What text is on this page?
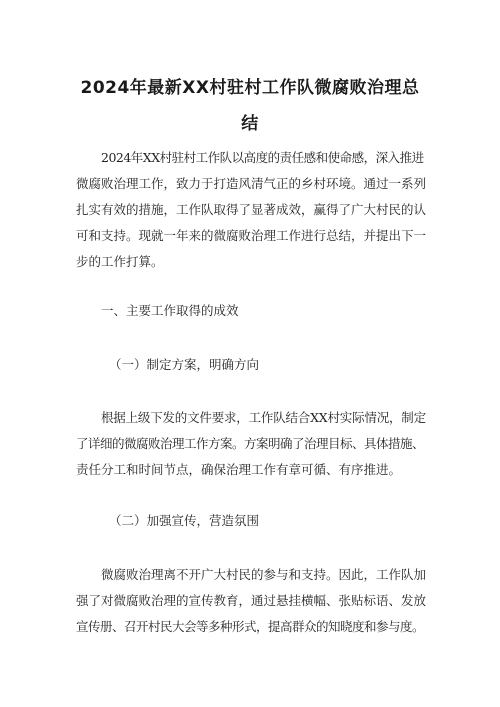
2024年最新XX村驻村工作队微腐败治理总
结
2024年XX村驻村工作队以高度的责任感和使命感，深入推进
微腐败治理工作，致力于打造风清气正的乡村环境。通过一系列
扎实有效的措施，工作队取得了显著成效，赢得了广大村民的认
可和支持。现就一年来的微腐败治理工作进行总结，并提出下一
步的工作打算。
一、主要工作取得的成效
（一）制定方案，明确方向
根据上级下发的文件要求，工作队结合XX村实际情况，制定
了详细的微腐败治理工作方案。方案明确了治理目标、具体措施、
责任分工和时间节点，确保治理工作有章可循、有序推进。
（二）加强宣传，营造氛围
微腐败治理离不开广大村民的参与和支持。因此，工作队加
强了对微腐败治理的宣传教育，通过悬挂横幅、张贴标语、发放
宣传册、召开村民大会等多种形式，提高群众的知晓度和参与度。
